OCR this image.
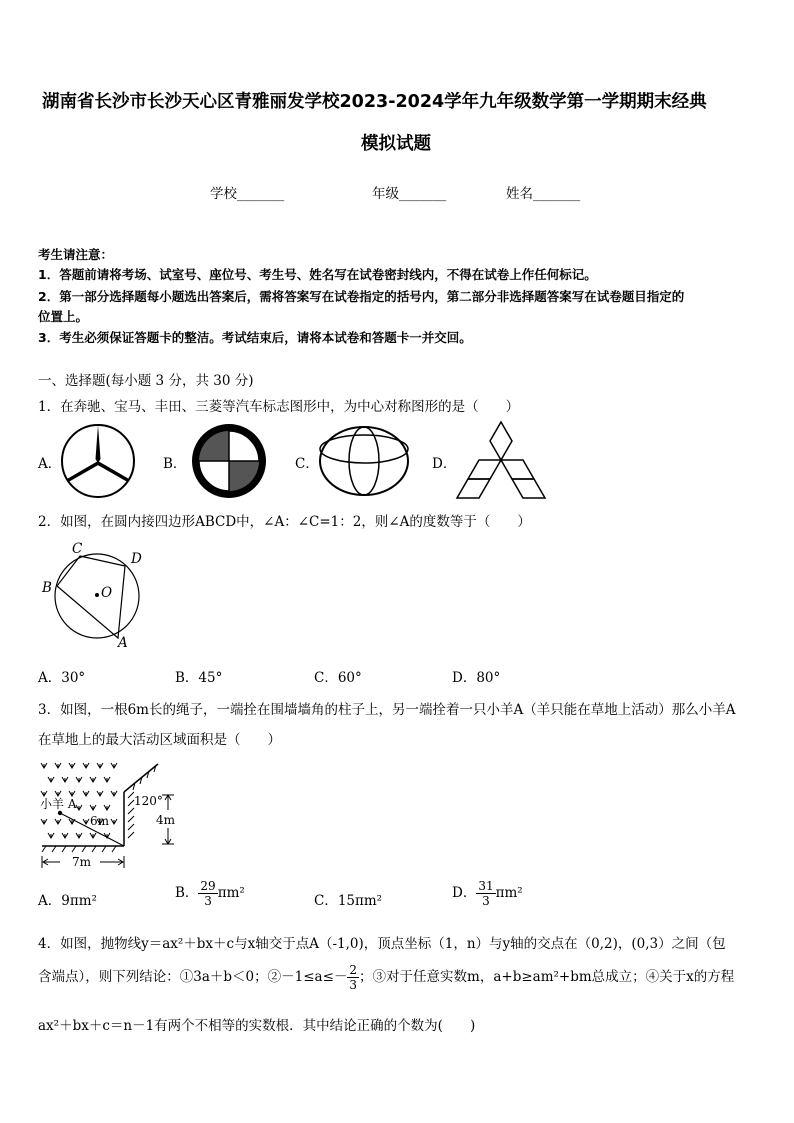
湖南省长沙市长沙天心区青雅丽发学校2023-2024学年九年级数学第一学期期末经典
模拟试题
学校_______	年级_______	姓名_______
考生请注意：
1．答题前请将考场、试室号、座位号、考生号、姓名写在试卷密封线内，不得在试卷上作任何标记。
2．第一部分选择题每小题选出答案后，需将答案写在试卷指定的括号内，第二部分非选择题答案写在试卷题目指定的
位置上。
3．考生必须保证答题卡的整洁。考试结束后，请将本试卷和答题卡一并交回。
一、选择题(每小题 3 分，共 30 分)
1．在奔驰、宝马、丰田、三菱等汽车标志图形中，为中心对称图形的是（　　）
A．	B．	C．	D．
2．如图，在圆内接四边形ABCD中，∠A：∠C=1：2，则∠A的度数等于（　　）
C
D
B	O
A
A．30°	B．45°	C．60°	D．80°
3．如图，一根6m长的绳子，一端拴在围墙墙角的柱子上，另一端拴着一只小羊A（羊只能在草地上活动）那么小羊A
在草地上的最大活动区域面积是（　　）
小羊 A
6m
120°
4m
7m
A．9πm²	B． $\frac{29}{3} \pi m^2$	C．15πm²	D． $\frac{31}{3} \pi m^2$
4．如图，抛物线y＝ax²＋bx＋c与x轴交于点A（-1,0)，顶点坐标（1，n）与y轴的交点在（0,2)，(0,3）之间（包
含端点），则下列结论：①3a＋b＜0；②－1≤a≤－ $\frac{2}{3}$ ；③对于任意实数m，a+b≥am²+bm总成立；④关于x的方程
ax²＋bx＋c＝n－1有两个不相等的实数根．其中结论正确的个数为(　　)
